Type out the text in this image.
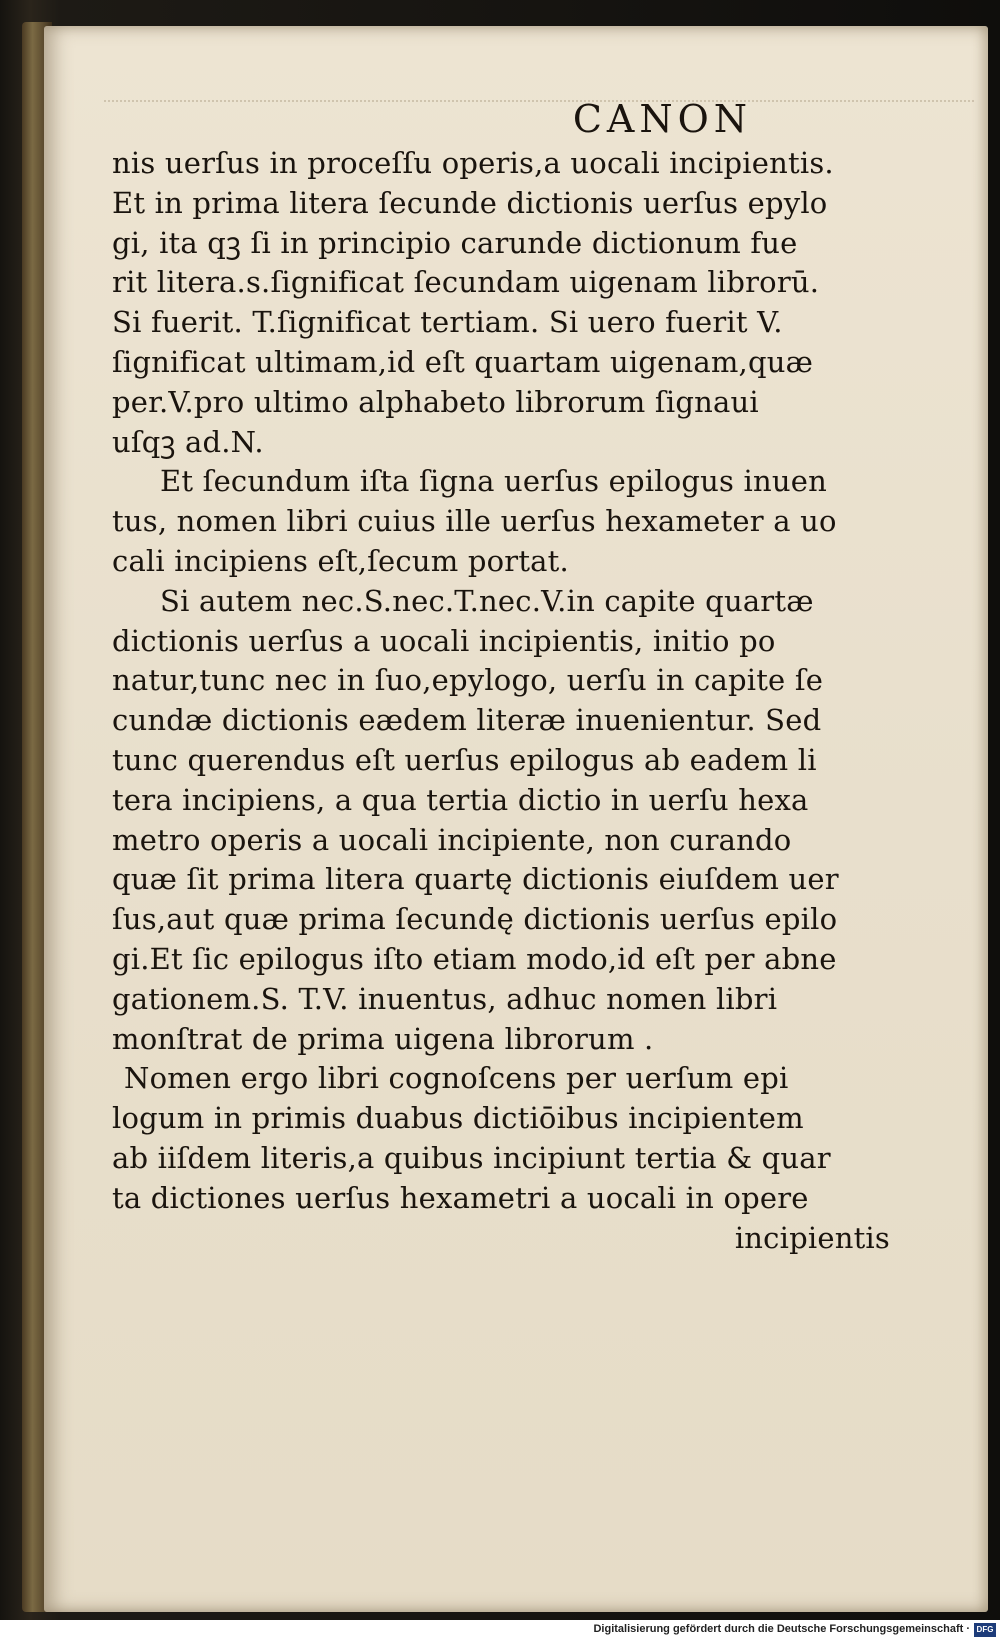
CANON
nis uerſus in proceſſu operis,a uocali incipientis.
Et in prima litera ſecunde dictionis uerſus epylo
gi, ita qꝫ ſi in principio carunde dictionum fue
rit litera.s.ſignificat ſecundam uigenam librorū.
Si fuerit. T.ſignificat tertiam. Si uero fuerit V.
ſignificat ultimam,id eſt quartam uigenam,quæ
per.V.pro ultimo alphabeto librorum ſignaui
uſqꝫ ad.N.
Et ſecundum iſta ſigna uerſus epilogus inuen
tus, nomen libri cuius ille uerſus hexameter a uo
cali incipiens eſt,ſecum portat.
Si autem nec.S.nec.T.nec.V.in capite quartæ
dictionis uerſus a uocali incipientis, initio po
natur,tunc nec in ſuo,epylogo, uerſu in capite ſe
cundæ dictionis eædem literæ inuenientur. Sed
tunc querendus eſt uerſus epilogus ab eadem li
tera incipiens, a qua tertia dictio in uerſu hexa
metro operis a uocali incipiente, non curando
quæ ſit prima litera quartę dictionis eiuſdem uer
ſus,aut quæ prima ſecundę dictionis uerſus epilo
gi.Et ſic epilogus iſto etiam modo,id eſt per abne
gationem.S. T.V. inuentus, adhuc nomen libri
monſtrat de prima uigena librorum .
Nomen ergo libri cognoſcens per uerſum epi
logum in primis duabus dictiōibus incipientem
ab iiſdem literis,a quibus incipiunt tertia & quar
ta dictiones uerſus hexametri a uocali in opere
incipientis
Digitalisierung gefördert durch die Deutsche Forschungsgemeinschaft · DFG
